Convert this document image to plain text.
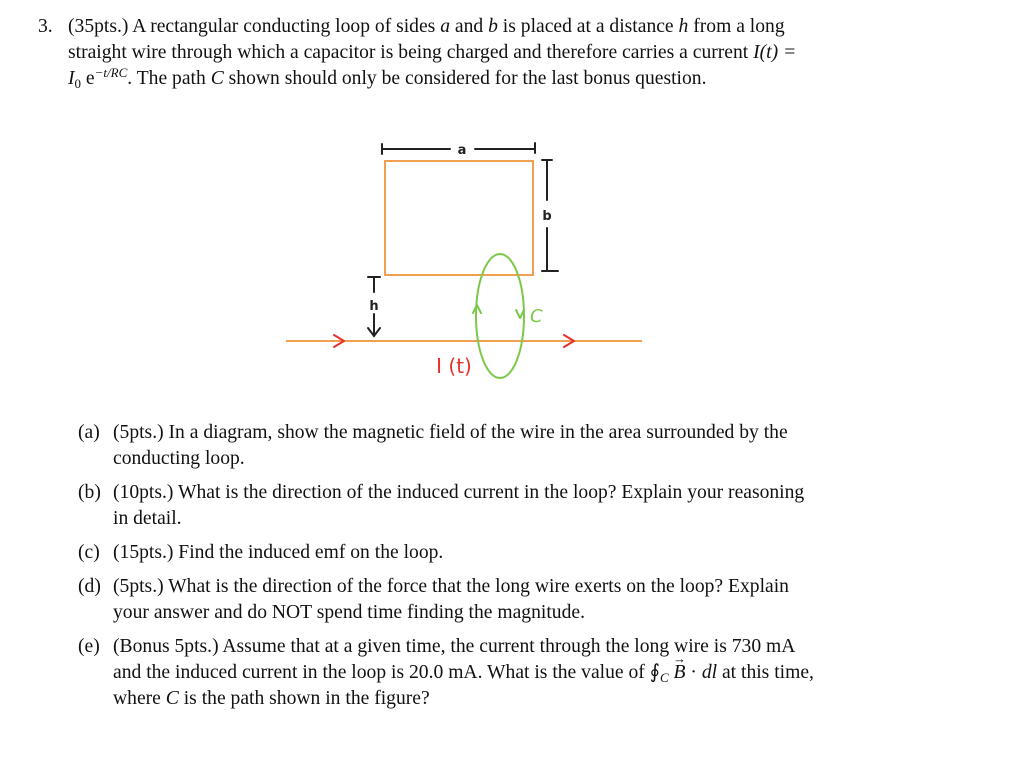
3. (35pts.) A rectangular conducting loop of sides a and b is placed at a distance h from a long
straight wire through which a capacitor is being charged and therefore carries a current I(t) =
$I_0$ $e^{-t/RC}$. The path C shown should only be considered for the last bonus question.
a
b
h	C
I (t)
(a) (5pts.) In a diagram, show the magnetic field of the wire in the area surrounded by the
conducting loop.
(b) (10pts.) What is the direction of the induced current in the loop? Explain your reasoning
in detail.
(c) (15pts.) Find the induced emf on the loop.
(d) (5pts.) What is the direction of the force that the long wire exerts on the loop? Explain
your answer and do NOT spend time finding the magnitude.
(e) (Bonus 5pts.) Assume that at a given time, the current through the long wire is 730 mA
and the induced current in the loop is 20.0 mA. What is the value of $∮_C \to B$ · dl at this time,
where C is the path shown in the figure?
